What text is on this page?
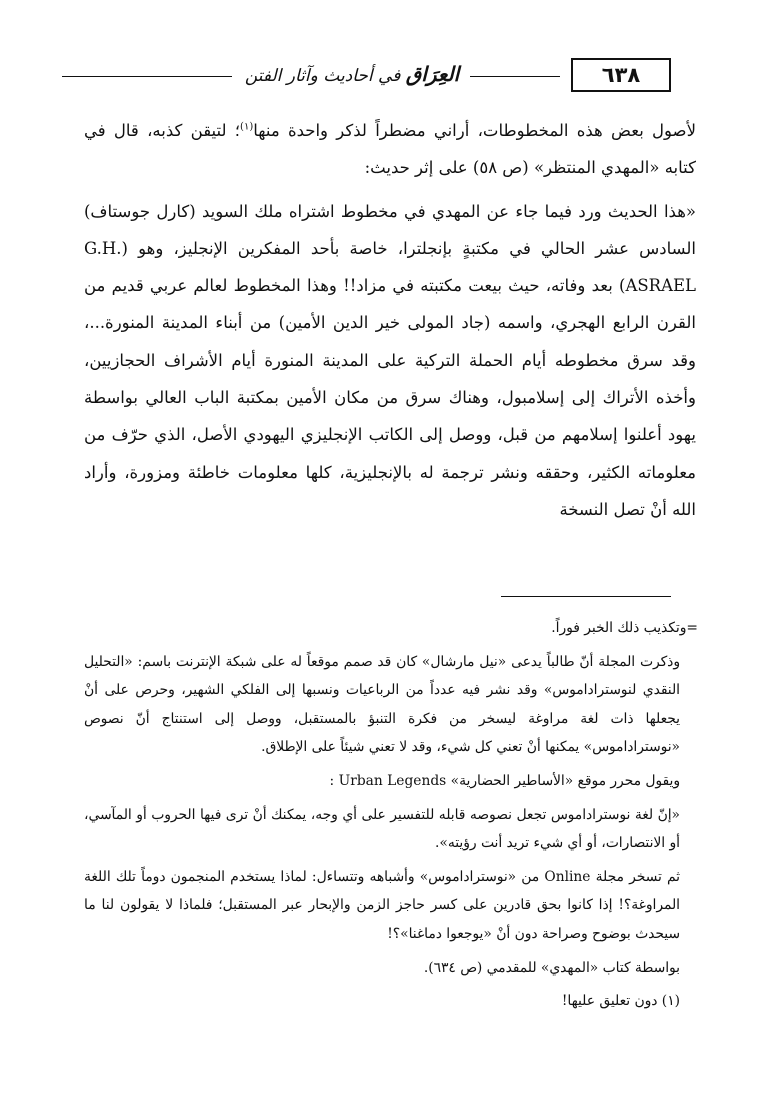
العِرَاق في أحاديث وآثار الفتن	٦٣٨

لأصول بعض هذه المخطوطات، أراني مضطراً لذكر واحدة منها$^{(١)}$؛ لتيقن كذبه، قال في كتابه «المهدي المنتظر» (ص ٥٨) على إثر حديث:

«هذا الحديث ورد فيما جاء عن المهدي في مخطوط اشتراه ملك السويد (كارل جوستاف) السادس عشر الحالي في مكتبةٍ بإنجلترا، خاصة بأحد المفكرين الإنجليز، وهو (G.H. ASRAEL) بعد وفاته، حيث بيعت مكتبته في مزاد!! وهذا المخطوط لعالم عربي قديم من القرن الرابع الهجري، واسمه (جاد المولى خير الدين الأمين) من أبناء المدينة المنورة...، وقد سرق مخطوطه أيام الحملة التركية على المدينة المنورة أيام الأشراف الحجازيين، وأخذه الأتراك إلى إسلامبول، وهناك سرق من مكان الأمين بمكتبة الباب العالي بواسطة يهود أعلنوا إسلامهم من قبل، ووصل إلى الكاتب الإنجليزي اليهودي الأصل، الذي حرّف من معلوماته الكثير، وحققه ونشر ترجمة له بالإنجليزية، كلها معلومات خاطئة ومزورة، وأراد الله أنْ تصل النسخة

=وتكذيب ذلك الخبر فوراً.

وذكرت المجلة أنّ طالباً يدعى «نيل مارشال» كان قد صمم موقعاً له على شبكة الإنترنت باسم: «التحليل النقدي لنوستراداموس» وقد نشر فيه عدداً من الرباعيات ونسبها إلى الفلكي الشهير، وحرص على أنْ يجعلها ذات لغة مراوغة ليسخر من فكرة التنبؤ بالمستقبل، ووصل إلى استنتاج أنّ نصوص «نوستراداموس» يمكنها أنْ تعني كل شيء، وقد لا تعني شيئاً على الإطلاق.

ويقول محرر موقع «الأساطير الحضارية» Urban Legends :

«إنّ لغة نوستراداموس تجعل نصوصه قابله للتفسير على أي وجه، يمكنك أنْ ترى فيها الحروب أو المآسي، أو الانتصارات، أو أي شيء تريد أنت رؤيته».

ثم تسخر مجلة Online من «نوستراداموس» وأشباهه وتتساءل: لماذا يستخدم المنجمون دوماً تلك اللغة المراوغة؟! إذا كانوا بحق قادرين على كسر حاجز الزمن والإبحار عبر المستقبل؛ فلماذا لا يقولون لنا ما سيحدث بوضوح وصراحة دون أنْ «يوجعوا دماغنا»؟!

بواسطة كتاب «المهدي» للمقدمي (ص ٦٣٤).

(١) دون تعليق عليها!
